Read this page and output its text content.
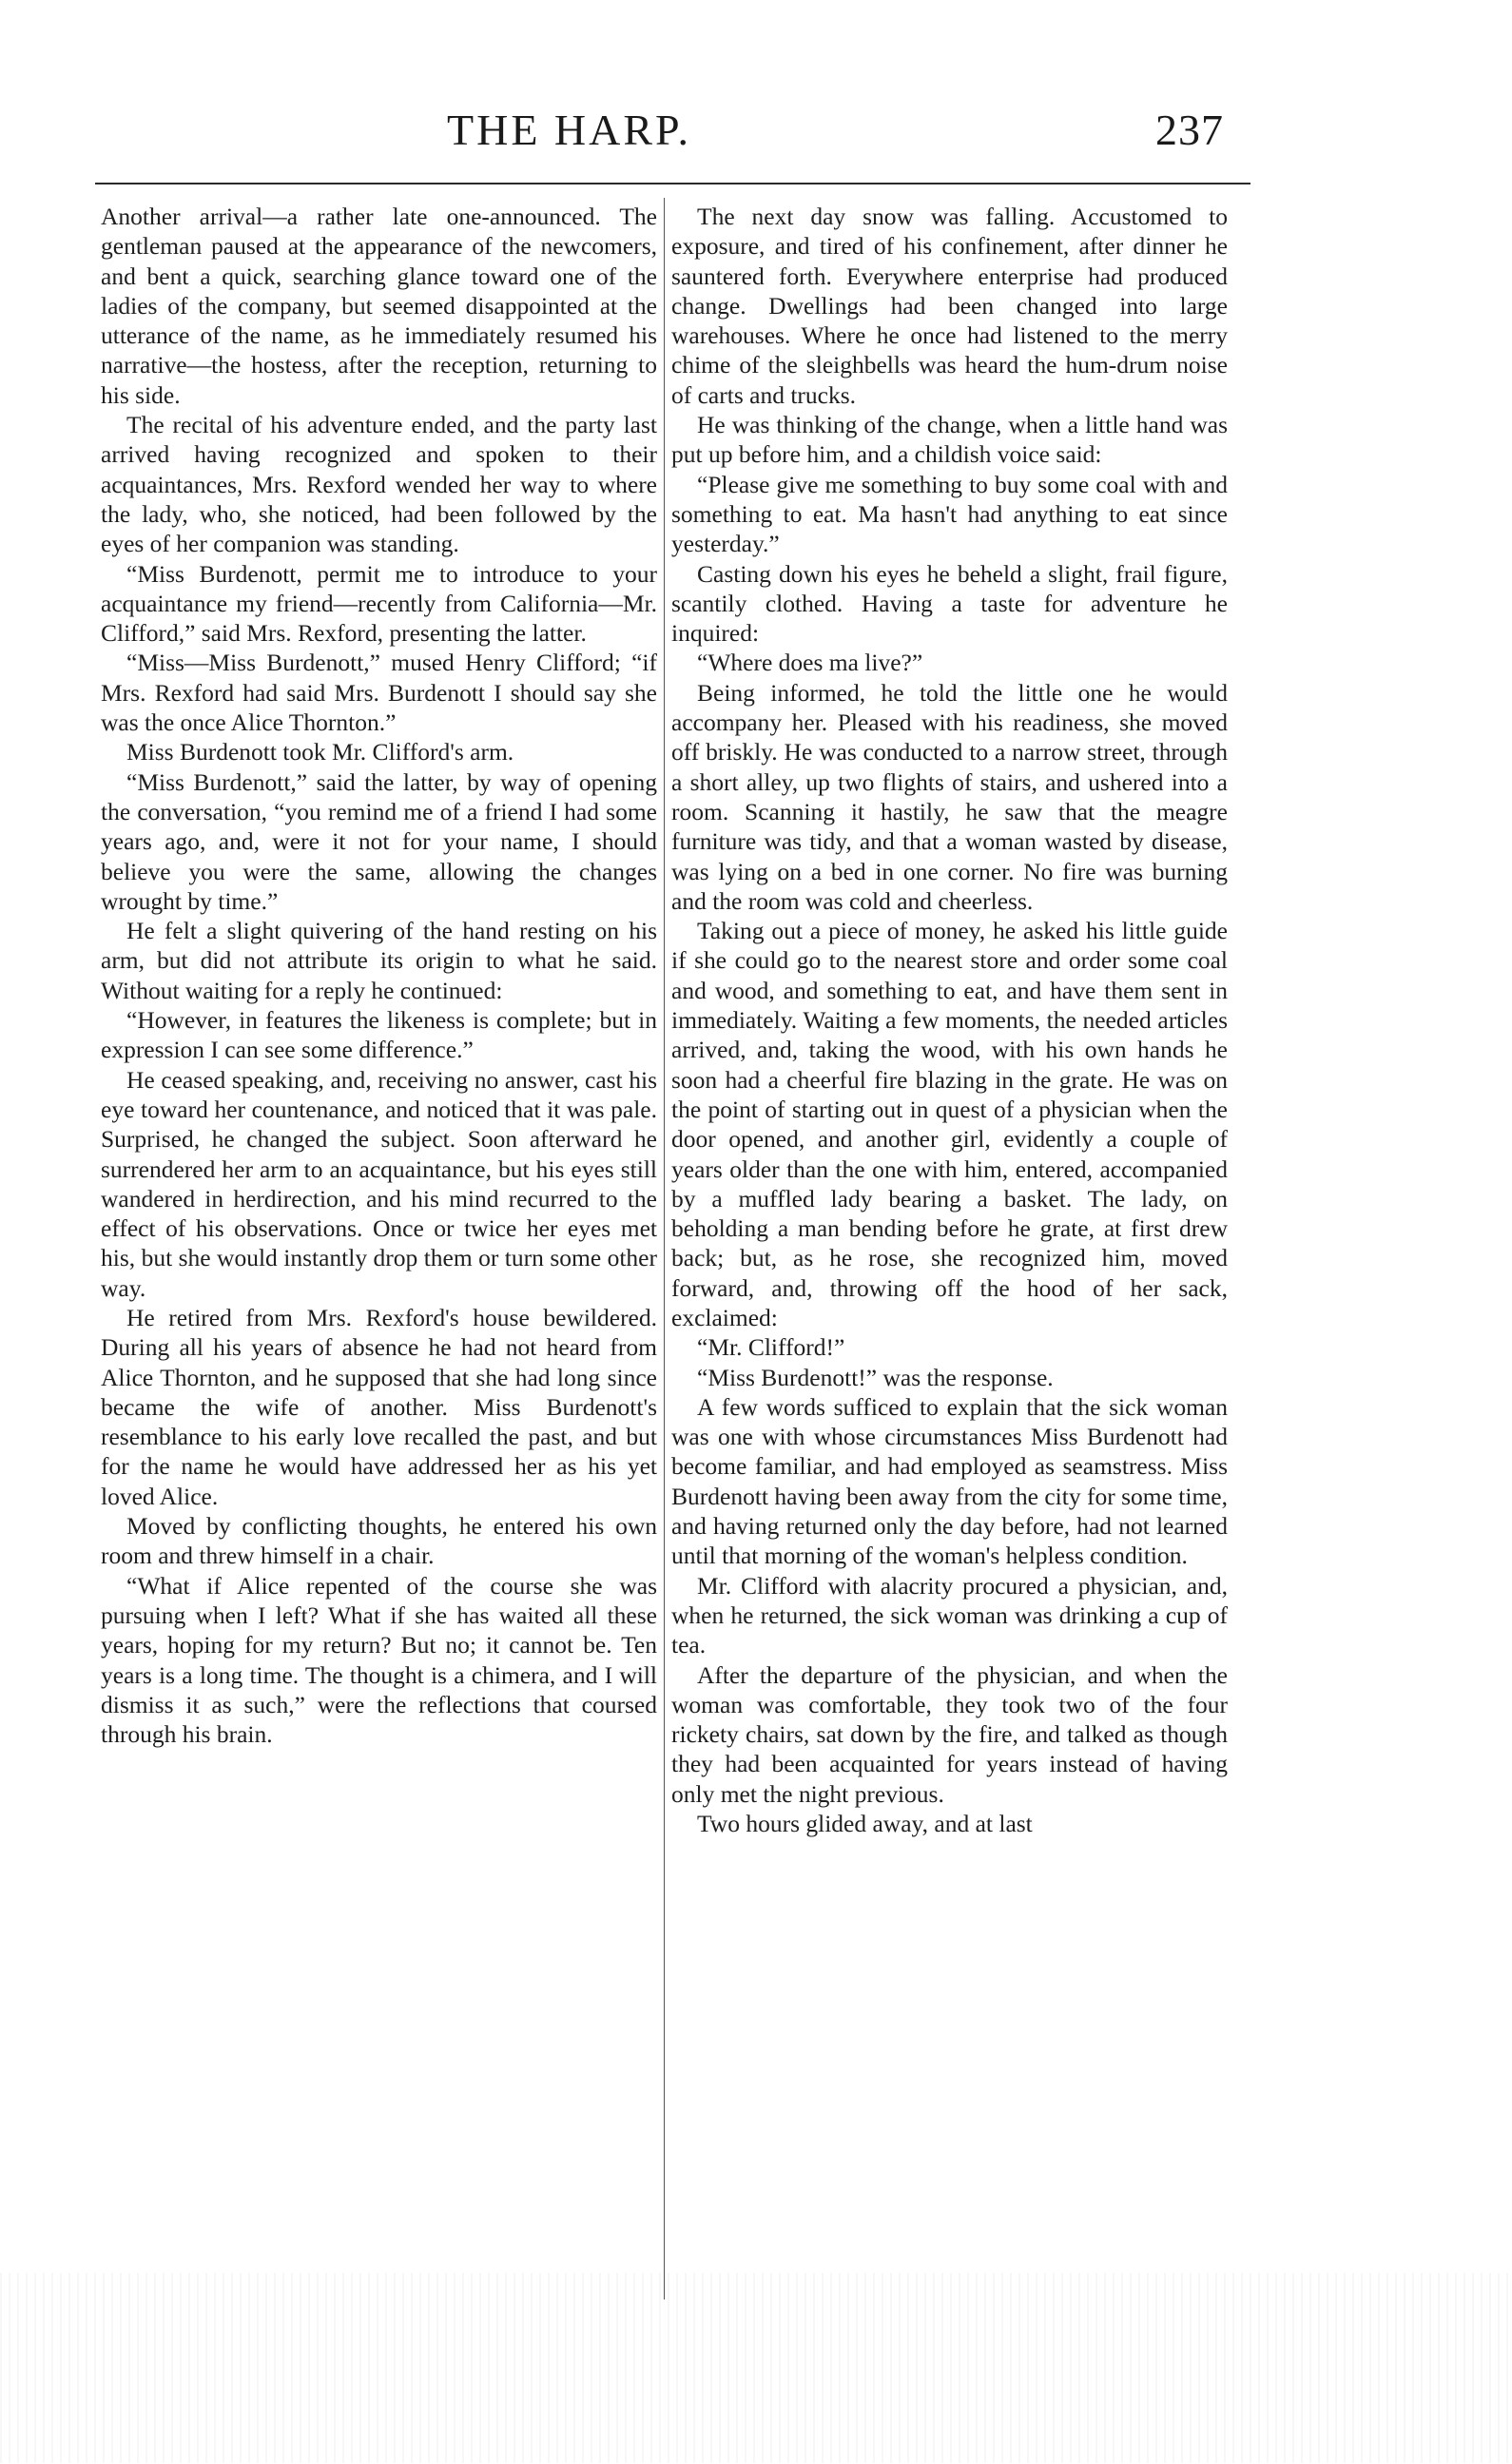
THE HARP.	237

Another arrival—a rather late one-announced. The gentleman paused at the appearance of the newcomers, and bent a quick, searching glance toward one of the ladies of the company, but seemed disappointed at the utterance of the name, as he immediately resumed his narrative—the hostess, after the reception, returning to his side.

The recital of his adventure ended, and the party last arrived having recognized and spoken to their acquaintances, Mrs. Rexford wended her way to where the lady, who, she noticed, had been followed by the eyes of her companion was standing.

“Miss Burdenott, permit me to introduce to your acquaintance my friend—recently from California—Mr. Clifford,” said Mrs. Rexford, presenting the latter.

“Miss—Miss Burdenott,” mused Henry Clifford; “if Mrs. Rexford had said Mrs. Burdenott I should say she was the once Alice Thornton.”

Miss Burdenott took Mr. Clifford's arm.

“Miss Burdenott,” said the latter, by way of opening the conversation, “you remind me of a friend I had some years ago, and, were it not for your name, I should believe you were the same, allowing the changes wrought by time.”

He felt a slight quivering of the hand resting on his arm, but did not attribute its origin to what he said. Without waiting for a reply he continued:

“However, in features the likeness is complete; but in expression I can see some difference.”

He ceased speaking, and, receiving no answer, cast his eye toward her countenance, and noticed that it was pale. Surprised, he changed the subject. Soon afterward he surrendered her arm to an acquaintance, but his eyes still wandered in herdirection, and his mind recurred to the effect of his observations. Once or twice her eyes met his, but she would instantly drop them or turn some other way.

He retired from Mrs. Rexford's house bewildered. During all his years of absence he had not heard from Alice Thornton, and he supposed that she had long since became the wife of another. Miss Burdenott's resemblance to his early love recalled the past, and but for the name he would have addressed her as his yet loved Alice.

Moved by conflicting thoughts, he entered his own room and threw himself in a chair.

“What if Alice repented of the course she was pursuing when I left? What if she has waited all these years, hoping for my return? But no; it cannot be. Ten years is a long time. The thought is a chimera, and I will dismiss it as such,” were the reflections that coursed through his brain.

The next day snow was falling. Accustomed to exposure, and tired of his confinement, after dinner he sauntered forth. Everywhere enterprise had produced change. Dwellings had been changed into large warehouses. Where he once had listened to the merry chime of the sleighbells was heard the hum-drum noise of carts and trucks.

He was thinking of the change, when a little hand was put up before him, and a childish voice said:

“Please give me something to buy some coal with and something to eat. Ma hasn't had anything to eat since yesterday.”

Casting down his eyes he beheld a slight, frail figure, scantily clothed. Having a taste for adventure he inquired:

“Where does ma live?”

Being informed, he told the little one he would accompany her. Pleased with his readiness, she moved off briskly. He was conducted to a narrow street, through a short alley, up two flights of stairs, and ushered into a room. Scanning it hastily, he saw that the meagre furniture was tidy, and that a woman wasted by disease, was lying on a bed in one corner. No fire was burning and the room was cold and cheerless.

Taking out a piece of money, he asked his little guide if she could go to the nearest store and order some coal and wood, and something to eat, and have them sent in immediately. Waiting a few moments, the needed articles arrived, and, taking the wood, with his own hands he soon had a cheerful fire blazing in the grate. He was on the point of starting out in quest of a physician when the door opened, and another girl, evidently a couple of years older than the one with him, entered, accompanied by a muffled lady bearing a basket. The lady, on beholding a man bending before he grate, at first drew back; but, as he rose, she recognized him, moved forward, and, throwing off the hood of her sack, exclaimed:

“Mr. Clifford!”

“Miss Burdenott!” was the response.

A few words sufficed to explain that the sick woman was one with whose circumstances Miss Burdenott had become familiar, and had employed as seamstress. Miss Burdenott having been away from the city for some time, and having returned only the day before, had not learned until that morning of the woman's helpless condition.

Mr. Clifford with alacrity procured a physician, and, when he returned, the sick woman was drinking a cup of tea.

After the departure of the physician, and when the woman was comfortable, they took two of the four rickety chairs, sat down by the fire, and talked as though they had been acquainted for years instead of having only met the night previous.

Two hours glided away, and at last
